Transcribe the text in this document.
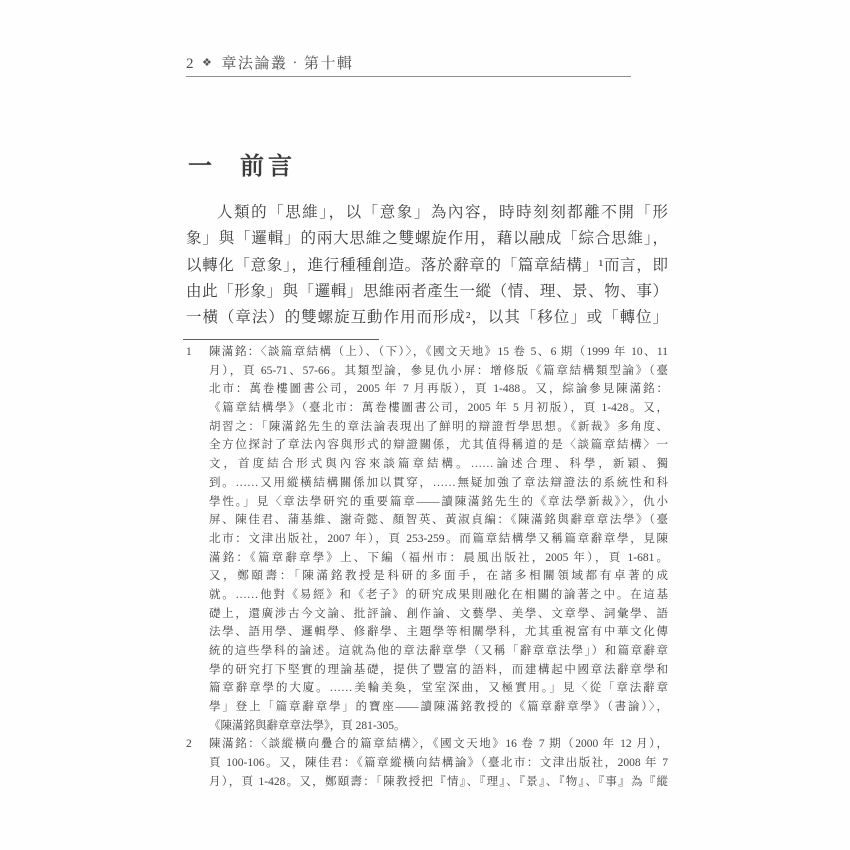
2 ❖ 章法論叢‧第十輯
一 前言
人類的「思維」，以「意象」為內容，時時刻刻都離不開「形
象」與「邏輯」的兩大思維之雙螺旋作用，藉以融成「綜合思維」，
以轉化「意象」，進行種種創造。落於辭章的「篇章結構」¹而言，即
由此「形象」與「邏輯」思維兩者產生一縱（情、理、景、物、事）
一橫（章法）的雙螺旋互動作用而形成²，以其「移位」或「轉位」
1	陳滿銘：〈談篇章結構（上）、（下）〉，《國文天地》15 卷 5、6 期（1999 年 10、11
月），頁 65-71、57-66。其類型論，參見仇小屏：增修版《篇章結構類型論》（臺
北市：萬卷樓圖書公司，2005 年 7 月再版），頁 1-488。又，綜論參見陳滿銘：
《篇章結構學》（臺北市：萬卷樓圖書公司，2005 年 5 月初版），頁 1-428。又，
胡習之：「陳滿銘先生的章法論表現出了鮮明的辯證哲學思想。《新裁》多角度、
全方位探討了章法內容與形式的辯證關係，尤其值得稱道的是〈談篇章結構〉一
文，首度結合形式與內容來談篇章結構。……論述合理、科學，新穎、獨
到。……又用縱橫結構關係加以貫穿，……無疑加強了章法辯證法的系統性和科
學性。」見〈章法學研究的重要篇章——讀陳滿銘先生的《章法學新裁》〉，仇小
屏、陳佳君、蒲基維、謝奇懿、顏智英、黃淑貞編：《陳滿銘與辭章章法學》（臺
北市：文津出版社，2007 年），頁 253-259。而篇章結構學又稱篇章辭章學，見陳
滿銘：《篇章辭章學》上、下編（福州市：晨風出版社，2005 年），頁 1-681。
又，鄭頤壽：「陳滿銘教授是科研的多面手，在諸多相關領域都有卓著的成
就。……他對《易經》和《老子》的研究成果則融化在相關的論著之中。在這基
礎上，還廣涉古今文論、批評論、創作論、文藝學、美學、文章學、詞彙學、語
法學、語用學、邏輯學、修辭學、主題學等相關學科，尤其重視富有中華文化傳
統的這些學科的論述。這就為他的章法辭章學（又稱「辭章章法學」）和篇章辭章
學的研究打下堅實的理論基礎，提供了豐富的語料，而建構起中國章法辭章學和
篇章辭章學的大廈。……美輪美奐，堂室深曲，又極實用。」見〈從「章法辭章
學」登上「篇章辭章學」的寶座——讀陳滿銘教授的《篇章辭章學》（書論）〉，
《陳滿銘與辭章章法學》，頁 281-305。
2	陳滿銘：〈談縱橫向疊合的篇章結構〉，《國文天地》16 卷 7 期（2000 年 12 月），
頁 100-106。又，陳佳君：《篇章縱橫向結構論》（臺北市：文津出版社，2008 年 7
月），頁 1-428。又，鄭頤壽：「陳教授把『情』、『理』、『景』、『物』、『事』為『縱
